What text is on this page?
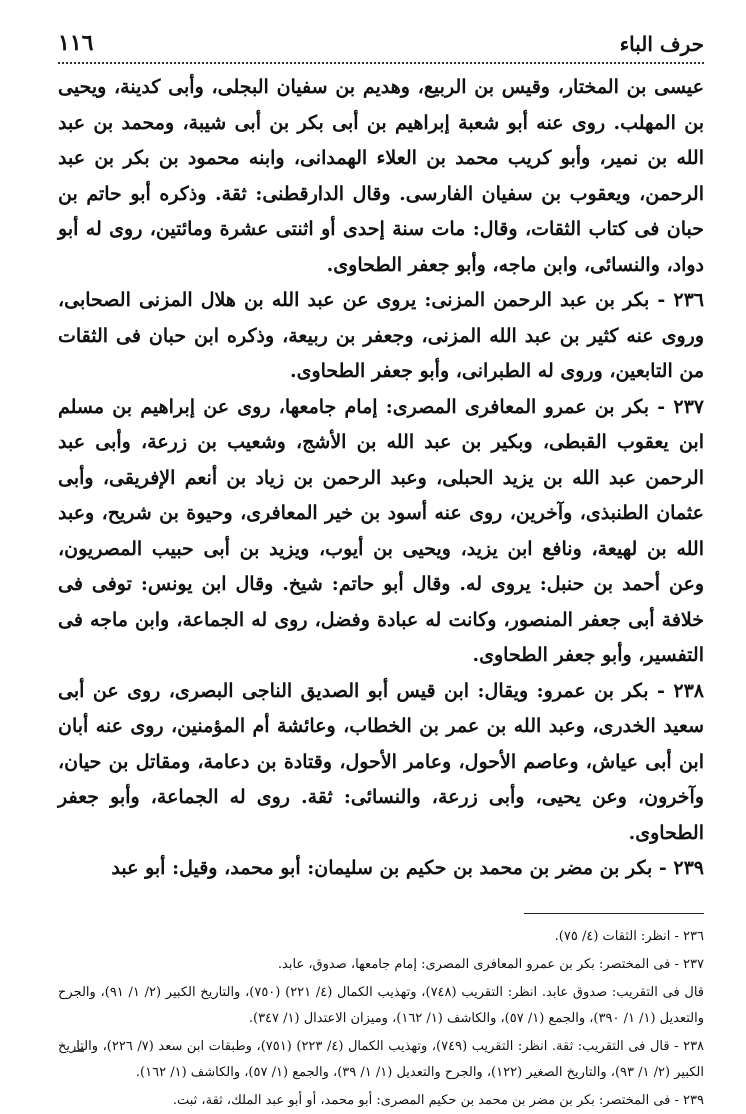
حرف الباء
١١٦

عيسى بن المختار، وقيس بن الربيع، وهديم بن سفيان البجلى، وأبى كدينة، ويحيى بن المهلب. روى عنه أبو شعبة إبراهيم بن أبى بكر بن أبى شيبة، ومحمد بن عبد الله بن نمير، وأبو كريب محمد بن العلاء الهمدانى، وابنه محمود بن بكر بن عبد الرحمن، ويعقوب بن سفيان الفارسى. وقال الدارقطنى: ثقة. وذكره أبو حاتم بن حبان فى كتاب الثقات، وقال: مات سنة إحدى أو اثنتى عشرة ومائتين، روى له أبو دواد، والنسائى، وابن ماجه، وأبو جعفر الطحاوى.

٢٣٦ - بكر بن عبد الرحمن المزنى: يروى عن عبد الله بن هلال المزنى الصحابى، وروى عنه كثير بن عبد الله المزنى، وجعفر بن ربيعة، وذكره ابن حبان فى الثقات من التابعين، وروى له الطبرانى، وأبو جعفر الطحاوى.

٢٣٧ - بكر بن عمرو المعافرى المصرى: إمام جامعها، روى عن إبراهيم بن مسلم ابن يعقوب القبطى، وبكير بن عبد الله بن الأشج، وشعيب بن زرعة، وأبى عبد الرحمن عبد الله بن يزيد الحبلى، وعبد الرحمن بن زياد بن أنعم الإفريقى، وأبى عثمان الطنبذى، وآخرين، روى عنه أسود بن خير المعافرى، وحيوة بن شريح، وعبد الله بن لهيعة، ونافع ابن يزيد، ويحيى بن أيوب، ويزيد بن أبى حبيب المصريون، وعن أحمد بن حنبل: يروى له. وقال أبو حاتم: شيخ. وقال ابن يونس: توفى فى خلافة أبى جعفر المنصور، وكانت له عبادة وفضل، روى له الجماعة، وابن ماجه فى التفسير، وأبو جعفر الطحاوى.

٢٣٨ - بكر بن عمرو: ويقال: ابن قيس أبو الصديق الناجى البصرى، روى عن أبى سعيد الخدرى، وعبد الله بن عمر بن الخطاب، وعائشة أم المؤمنين، روى عنه أبان ابن أبى عياش، وعاصم الأحول، وعامر الأحول، وقتادة بن دعامة، ومقاتل بن حيان، وآخرون، وعن يحيى، وأبى زرعة، والنسائى: ثقة. روى له الجماعة، وأبو جعفر الطحاوى.

٢٣٩ - بكر بن مضر بن محمد بن حكيم بن سليمان: أبو محمد، وقيل: أبو عبد

٢٣٦ - انظر: الثقات (٤/ ٧٥).

٢٣٧ - فى المختصر: بكر بن عمرو المعافرى المصرى: إمام جامعها، صدوق، عابد.

قال فى التقريب: صدوق عابد. انظر: التقريب (٧٤٨)، وتهذيب الكمال (٤/ ٢٢١) (٧٥٠)، والتاريخ الكبير (٢/ ١/ ٩١)، والجرح والتعديل (١/ ١/ ٣٩٠)، والجمع (١/ ٥٧)، والكاشف (١/ ١٦٢)، وميزان الاعتدال (١/ ٣٤٧).

٢٣٨ - قال فى التقريب: ثقة. انظر: التقريب (٧٤٩)، وتهذيب الكمال (٤/ ٢٢٣) (٧٥١)، وطبقات ابن سعد (٧/ ٢٢٦)، والتاريخ الكبير (٢/ ١/ ٩٣)، والتاريخ الصغير (١٢٢)، والجرح والتعديل (١/ ١/ ٣٩)، والجمع (١/ ٥٧)، والكاشف (١/ ١٦٢).

٢٣٩ - فى المختصر: بكر بن مضر بن محمد بن حكيم المصرى: أبو محمد، أو أبو عبد الملك، ثقة، ثبت.
